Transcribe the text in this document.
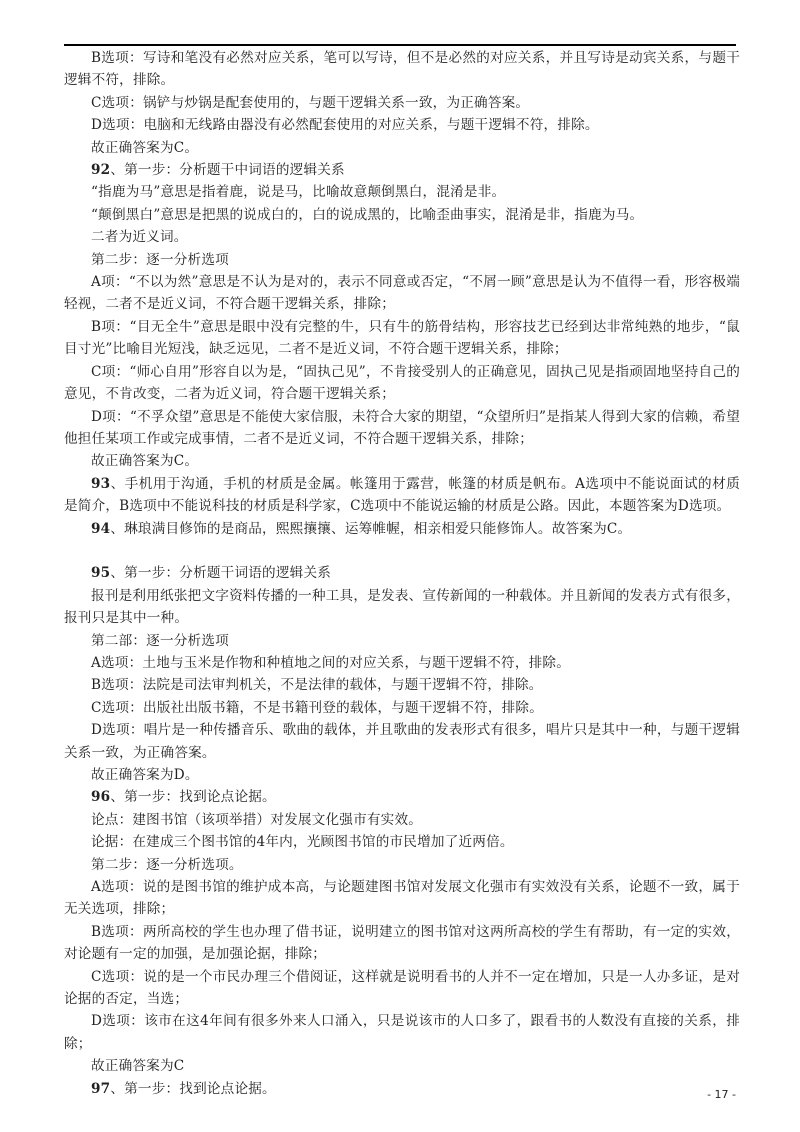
B选项：写诗和笔没有必然对应关系，笔可以写诗，但不是必然的对应关系，并且写诗是动宾关系，与题干逻辑不符，排除。

C选项：锅铲与炒锅是配套使用的，与题干逻辑关系一致，为正确答案。

D选项：电脑和无线路由器没有必然配套使用的对应关系，与题干逻辑不符，排除。

故正确答案为C。

92、第一步：分析题干中词语的逻辑关系

“指鹿为马”意思是指着鹿，说是马，比喻故意颠倒黑白，混淆是非。

“颠倒黑白”意思是把黑的说成白的，白的说成黑的，比喻歪曲事实，混淆是非，指鹿为马。

二者为近义词。

第二步：逐一分析选项

A项：“不以为然”意思是不认为是对的，表示不同意或否定，“不屑一顾”意思是认为不值得一看，形容极端轻视，二者不是近义词，不符合题干逻辑关系，排除；

B项：“目无全牛”意思是眼中没有完整的牛，只有牛的筋骨结构，形容技艺已经到达非常纯熟的地步，“鼠目寸光”比喻目光短浅，缺乏远见，二者不是近义词，不符合题干逻辑关系，排除；

C项：“师心自用”形容自以为是，“固执己见”，不肯接受别人的正确意见，固执己见是指顽固地坚持自己的意见，不肯改变，二者为近义词，符合题干逻辑关系；

D项：“不孚众望”意思是不能使大家信服，未符合大家的期望，“众望所归”是指某人得到大家的信赖，希望他担任某项工作或完成事情，二者不是近义词，不符合题干逻辑关系，排除；

故正确答案为C。

93、手机用于沟通，手机的材质是金属。帐篷用于露营，帐篷的材质是帆布。A选项中不能说面试的材质是简介，B选项中不能说科技的材质是科学家，C选项中不能说运输的材质是公路。因此，本题答案为D选项。

94、琳琅满目修饰的是商品，熙熙攘攘、运筹帷幄，相亲相爱只能修饰人。故答案为C。

95、第一步：分析题干词语的逻辑关系

报刊是利用纸张把文字资料传播的一种工具，是发表、宣传新闻的一种载体。并且新闻的发表方式有很多，报刊只是其中一种。

第二部：逐一分析选项

A选项：土地与玉米是作物和种植地之间的对应关系，与题干逻辑不符，排除。

B选项：法院是司法审判机关，不是法律的载体，与题干逻辑不符，排除。

C选项：出版社出版书籍，不是书籍刊登的载体，与题干逻辑不符，排除。

D选项：唱片是一种传播音乐、歌曲的载体，并且歌曲的发表形式有很多，唱片只是其中一种，与题干逻辑关系一致，为正确答案。

故正确答案为D。

96、第一步：找到论点论据。

论点：建图书馆（该项举措）对发展文化强市有实效。

论据：在建成三个图书馆的4年内，光顾图书馆的市民增加了近两倍。

第二步：逐一分析选项。

A选项：说的是图书馆的维护成本高，与论题建图书馆对发展文化强市有实效没有关系，论题不一致，属于无关选项，排除；

B选项：两所高校的学生也办理了借书证，说明建立的图书馆对这两所高校的学生有帮助，有一定的实效，对论题有一定的加强，是加强论据，排除；

C选项：说的是一个市民办理三个借阅证，这样就是说明看书的人并不一定在增加，只是一人办多证，是对论据的否定，当选；

D选项：该市在这4年间有很多外来人口涌入，只是说该市的人口多了，跟看书的人数没有直接的关系，排除；

故正确答案为C

97、第一步：找到论点论据。	- 17 -
